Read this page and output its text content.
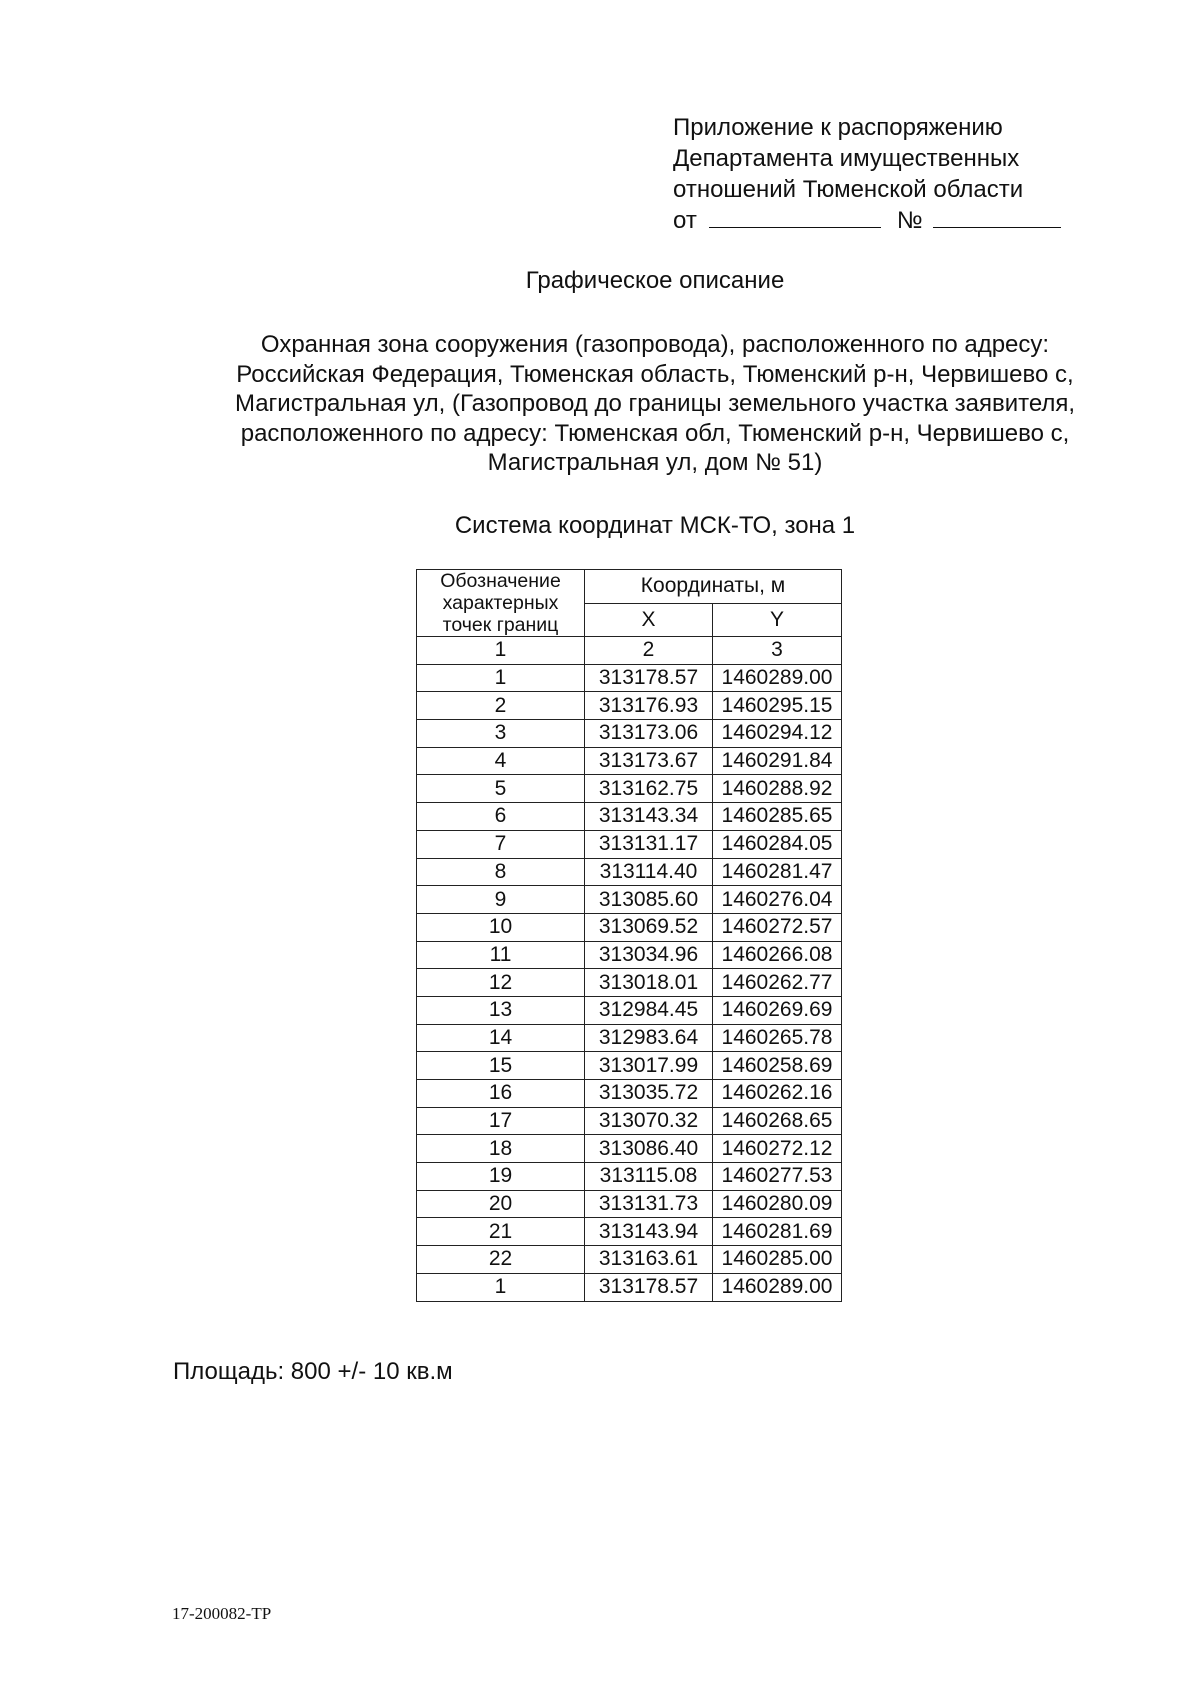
Приложение к распоряжению
Департамента имущественных
отношений Тюменской области
от	№
Графическое описание
Охранная зона сооружения (газопровода), расположенного по адресу:
Российская Федерация, Тюменская область, Тюменский р-н, Червишево с,
Магистральная ул, (Газопровод до границы земельного участка заявителя,
расположенного по адресу: Тюменская обл, Тюменский р-н, Червишево с,
Магистральная ул, дом № 51)
Система координат МСК-ТО, зона 1
Обозначение характерных точек границ	Координаты, м	
	X	Y
1	2	3
1	313178.57	1460289.00
2	313176.93	1460295.15
3	313173.06	1460294.12
4	313173.67	1460291.84
5	313162.75	1460288.92
6	313143.34	1460285.65
7	313131.17	1460284.05
8	313114.40	1460281.47
9	313085.60	1460276.04
10	313069.52	1460272.57
11	313034.96	1460266.08
12	313018.01	1460262.77
13	312984.45	1460269.69
14	312983.64	1460265.78
15	313017.99	1460258.69
16	313035.72	1460262.16
17	313070.32	1460268.65
18	313086.40	1460272.12
19	313115.08	1460277.53
20	313131.73	1460280.09
21	313143.94	1460281.69
22	313163.61	1460285.00
1	313178.57	1460289.00
Площадь: 800 +/- 10 кв.м
17-200082-ТР
